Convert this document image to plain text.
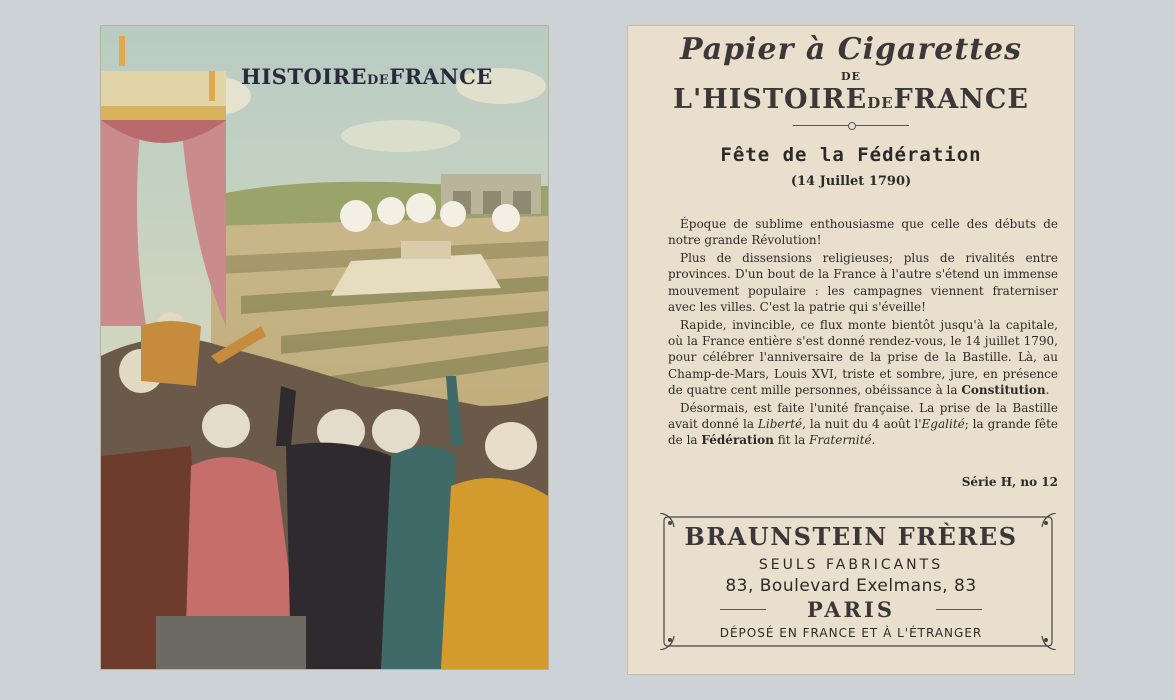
HISTOIREDEFRANCE
Papier à Cigarettes
DE
L'HISTOIREDEFRANCE
Fête de la Fédération
(14 Juillet 1790)

Époque de sublime enthousiasme que celle des débuts de notre grande Révolution!

Plus de dissensions religieuses; plus de rivalités entre provinces. D'un bout de la France à l'autre s'étend un immense mouvement populaire : les campagnes viennent fraterniser avec les villes. C'est la patrie qui s'éveille!

Rapide, invincible, ce flux monte bientôt jusqu'à la capitale, où la France entière s'est donné rendez-vous, le 14 juillet 1790, pour célébrer l'anniversaire de la prise de la Bastille. Là, au Champ-de-Mars, Louis XVI, triste et sombre, jure, en présence de quatre cent mille personnes, obéissance à la Constitution.

Désormais, est faite l'unité française. La prise de la Bastille avait donné la Liberté, la nuit du 4 août l'Egalité; la grande fête de la Fédération fit la Fraternité.

Série H, no 12
BRAUNSTEIN FRÈRES
SEULS FABRICANTS
83, Boulevard Exelmans, 83
PARIS
DÉPOSÉ EN FRANCE ET À L'ÉTRANGER
